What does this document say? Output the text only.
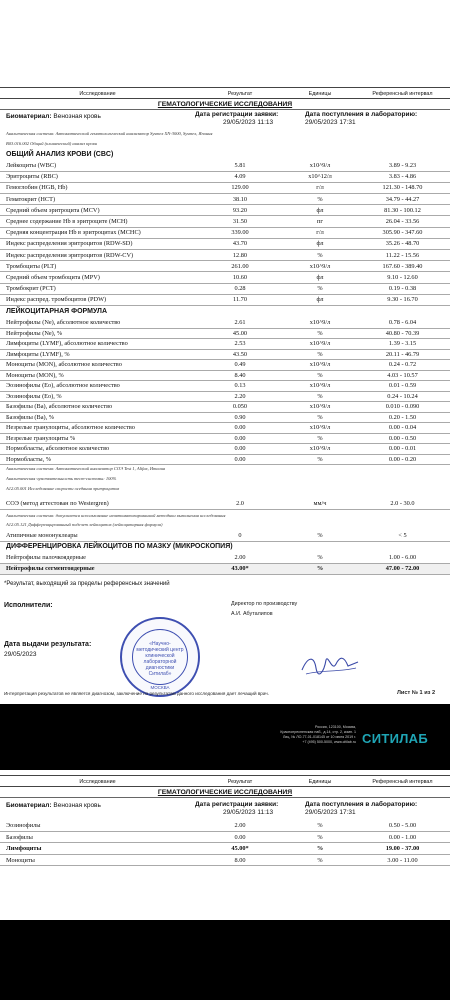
Исследование	Результат	Единицы	Референсный интервал
ГЕМАТОЛОГИЧЕСКИЕ ИССЛЕДОВАНИЯ
Биоматериал: Венозная кровь	Дата регистрации заявки:
29/05/2023 11:13
Дата поступления в лабораторию:
29/05/2023 17:31
Аналитическая система: Автоматический гематологический анализатор Sysmex XN-3000, Sysmex, Япония
В03.016.002 Общий (клинический) анализ крови
ОБЩИЙ АНАЛИЗ КРОВИ (CBC)
Лейкоциты (WBC)	5.81	x10^9/л	3.89 - 9.23
Эритроциты (RBC)	4.09	x10^12/л	3.83 - 4.86
Гемоглобин (HGB, Hb)	129.00	г/л	121.30 - 148.70
Гематокрит (HCT)	38.10	%	34.79 - 44.27
Средний объем эритроцита (MCV)	93.20	фл	81.30 - 100.12
Среднее содержание Hb в эритроците (MCH)	31.50	пг	26.04 - 33.56
Средняя концентрация Hb в эритроцитах (MCHC)	339.00	г/л	305.90 - 347.60
Индекс распределения эритроцитов (RDW-SD)	43.70	фл	35.26 - 48.70
Индекс распределения эритроцитов (RDW-CV)	12.80	%	11.22 - 15.56
Тромбоциты (PLT)	261.00	x10^9/л	167.60 - 389.40
Средний объем тромбоцита (MPV)	10.60	фл	9.10 - 12.60
Тромбокрит (PCT)	0.28	%	0.19 - 0.38
Индекс распред. тромбоцитов (PDW)	11.70	фл	9.30 - 16.70
ЛЕЙКОЦИТАРНАЯ ФОРМУЛА
Нейтрофилы (Ne), абсолютное количество	2.61	x10^9/л	0.78 - 6.04
Нейтрофилы (Ne), %	45.00	%	40.80 - 70.39
Лимфоциты (LYMF), абсолютное количество	2.53	x10^9/л	1.39 - 3.15
Лимфоциты (LYMF), %	43.50	%	20.11 - 46.79
Моноциты (MON), абсолютное количество	0.49	x10^9/л	0.24 - 0.72
Моноциты (MON), %	8.40	%	4.03 - 10.57
Эозинофилы (Eo), абсолютное количество	0.13	x10^9/л	0.01 - 0.59
Эозинофилы (Eo), %	2.20	%	0.24 - 10.24
Базофилы (Ba), абсолютное количество	0.050	x10^9/л	0.010 - 0.090
Базофилы (Ba), %	0.90	%	0.20 - 1.50
Незрелые гранулоциты, абсолютное количество	0.00	x10^9/л	0.00 - 0.04
Незрелые гранулоциты %	0.00	%	0.00 - 0.50
Нормобласты, абсолютное количество	0.00	x10^9/л	0.00 - 0.01
Нормобласты, %	0.00	%	0.00 - 0.20
Аналитическая система: Автоматический анализатор СОЭ Test 1, Alifax, Италия
Аналитическая чувствительность тест-системы: 100%
А12.05.001 Исследование скорости оседания эритроцитов
СОЭ (метод аттестован по Westergren)	2.0	мм/ч	2.0 - 30.0
Аналитическая система: допускается использование неавтоматизированной методики выполнения исследования
А12.05.121 Дифференцированный подсчет лейкоцитов (лейкоцитарная формула)
Атипичные мононуклеары	0	%	< 5
ДИФФЕРЕНЦИРОВКА ЛЕЙКОЦИТОВ ПО МАЗКУ (МИКРОСКОПИЯ)
Нейтрофилы палочкоядерные	2.00	%	1.00 - 6.00
Нейтрофилы сегментоядерные	43.00*	%	47.00 - 72.00
*Результат, выходящий за пределы референсных значений
Исполнители:	Директор по производству
А.И. Абуталипов
«Научно-методический центр клинической лабораторной диагностики Ситилаб»
МОСКВА
Дата выдачи результата:
29/05/2023
Интерпретация результатов не является диагнозом, заключение по результатам данного исследования дает лечащий врач.	Лист № 1 из 2
Россия, 123100, Москва,
Краснопресненская наб., д.14, стр. 2, комн. 1
Лиц. № ЛО-77-01-018145 от 10 июня 2019 г.
+7 (495) 500-5000, www.citilab.ru СИТИЛАБ
Исследование	Результат	Единицы	Референсный интервал
ГЕМАТОЛОГИЧЕСКИЕ ИССЛЕДОВАНИЯ
Биоматериал: Венозная кровь	Дата регистрации заявки:
29/05/2023 11:13
Дата поступления в лабораторию:
29/05/2023 17:31
Эозинофилы	2.00	%	0.50 - 5.00
Базофилы	0.00	%	0.00 - 1.00
Лимфоциты	45.00*	%	19.00 - 37.00
Моноциты	8.00	%	3.00 - 11.00
